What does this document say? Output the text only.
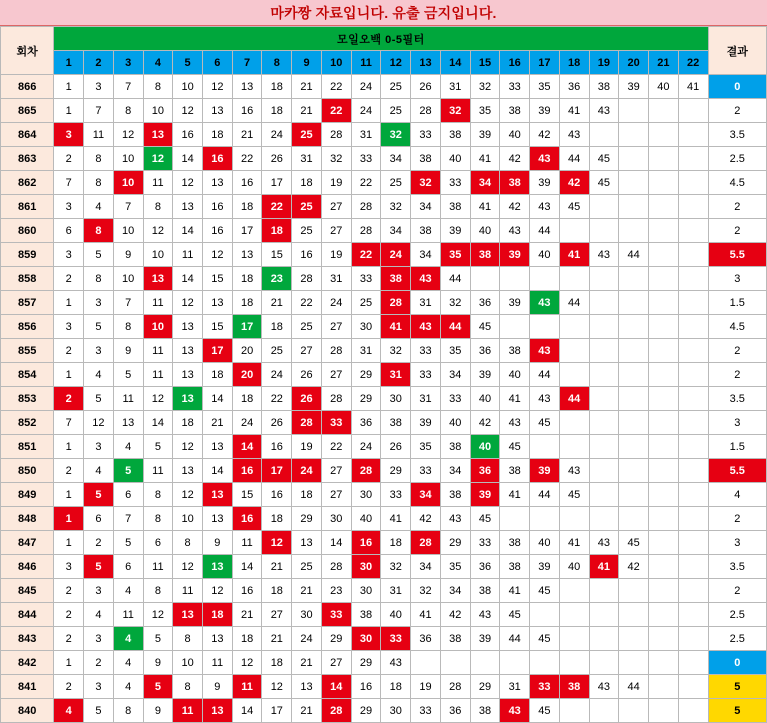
마카짱 자료입니다. 유출 금지입니다.
회차	모일오백 0-5필터																						결과
	1	2	3	4	5	6	7	8	9	10	11	12	13	14	15	16	17	18	19	20	21	22	
866	1	3	7	8	10	12	13	18	21	22	24	25	26	31	32	33	35	36	38	39	40	41	0
865	1	7	8	10	12	13	16	18	21	22	24	25	28	32	35	38	39	41	43				2
864	3	11	12	13	16	18	21	24	25	28	31	32	33	38	39	40	42	43					3.5
863	2	8	10	12	14	16	22	26	31	32	33	34	38	40	41	42	43	44	45				2.5
862	7	8	10	11	12	13	16	17	18	19	22	25	32	33	34	38	39	42	45				4.5
861	3	4	7	8	13	16	18	22	25	27	28	32	34	38	41	42	43	45					2
860	6	8	10	12	14	16	17	18	25	27	28	34	38	39	40	43	44						2
859	3	5	9	10	11	12	13	15	16	19	22	24	34	35	38	39	40	41	43	44			5.5
858	2	8	10	13	14	15	18	23	28	31	33	38	43	44									3
857	1	3	7	11	12	13	18	21	22	24	25	28	31	32	36	39	43	44					1.5
856	3	5	8	10	13	15	17	18	25	27	30	41	43	44	45								4.5
855	2	3	9	11	13	17	20	25	27	28	31	32	33	35	36	38	43						2
854	1	4	5	11	13	18	20	24	26	27	29	31	33	34	39	40	44						2
853	2	5	11	12	13	14	18	22	26	28	29	30	31	33	40	41	43	44					3.5
852	7	12	13	14	18	21	24	26	28	33	36	38	39	40	42	43	45						3
851	1	3	4	5	12	13	14	16	19	22	24	26	35	38	40	45							1.5
850	2	4	5	11	13	14	16	17	24	27	28	29	33	34	36	38	39	43					5.5
849	1	5	6	8	12	13	15	16	18	27	30	33	34	38	39	41	44	45					4
848	1	6	7	8	10	13	16	18	29	30	40	41	42	43	45								2
847	1	2	5	6	8	9	11	12	13	14	16	18	28	29	33	38	40	41	43	45			3
846	3	5	6	11	12	13	14	21	25	28	30	32	34	35	36	38	39	40	41	42			3.5
845	2	3	4	8	11	12	16	18	21	23	30	31	32	34	38	41	45						2
844	2	4	11	12	13	18	21	27	30	33	38	40	41	42	43	45							2.5
843	2	3	4	5	8	13	18	21	24	29	30	33	36	38	39	44	45						2.5
842	1	2	4	9	10	11	12	18	21	27	29	43											0
841	2	3	4	5	8	9	11	12	13	14	16	18	19	28	29	31	33	38	43	44			5
840	4	5	8	9	11	13	14	17	21	28	29	30	33	36	38	43	45						5
